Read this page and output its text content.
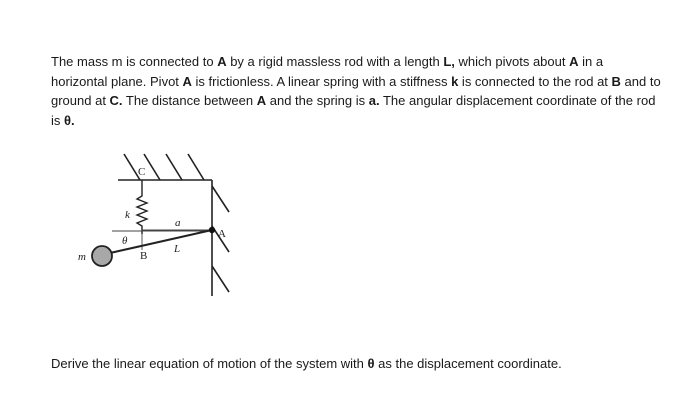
The mass m is connected to A by a rigid massless rod with a length L, which pivots about A in a horizontal plane. Pivot A is frictionless. A linear spring with a stiffness k is connected to the rod at B and to ground at C. The distance between A and the spring is a. The angular displacement coordinate of the rod is θ.

C
k
a
A
θ
L
B
m

Derive the linear equation of motion of the system with θ as the displacement coordinate.
